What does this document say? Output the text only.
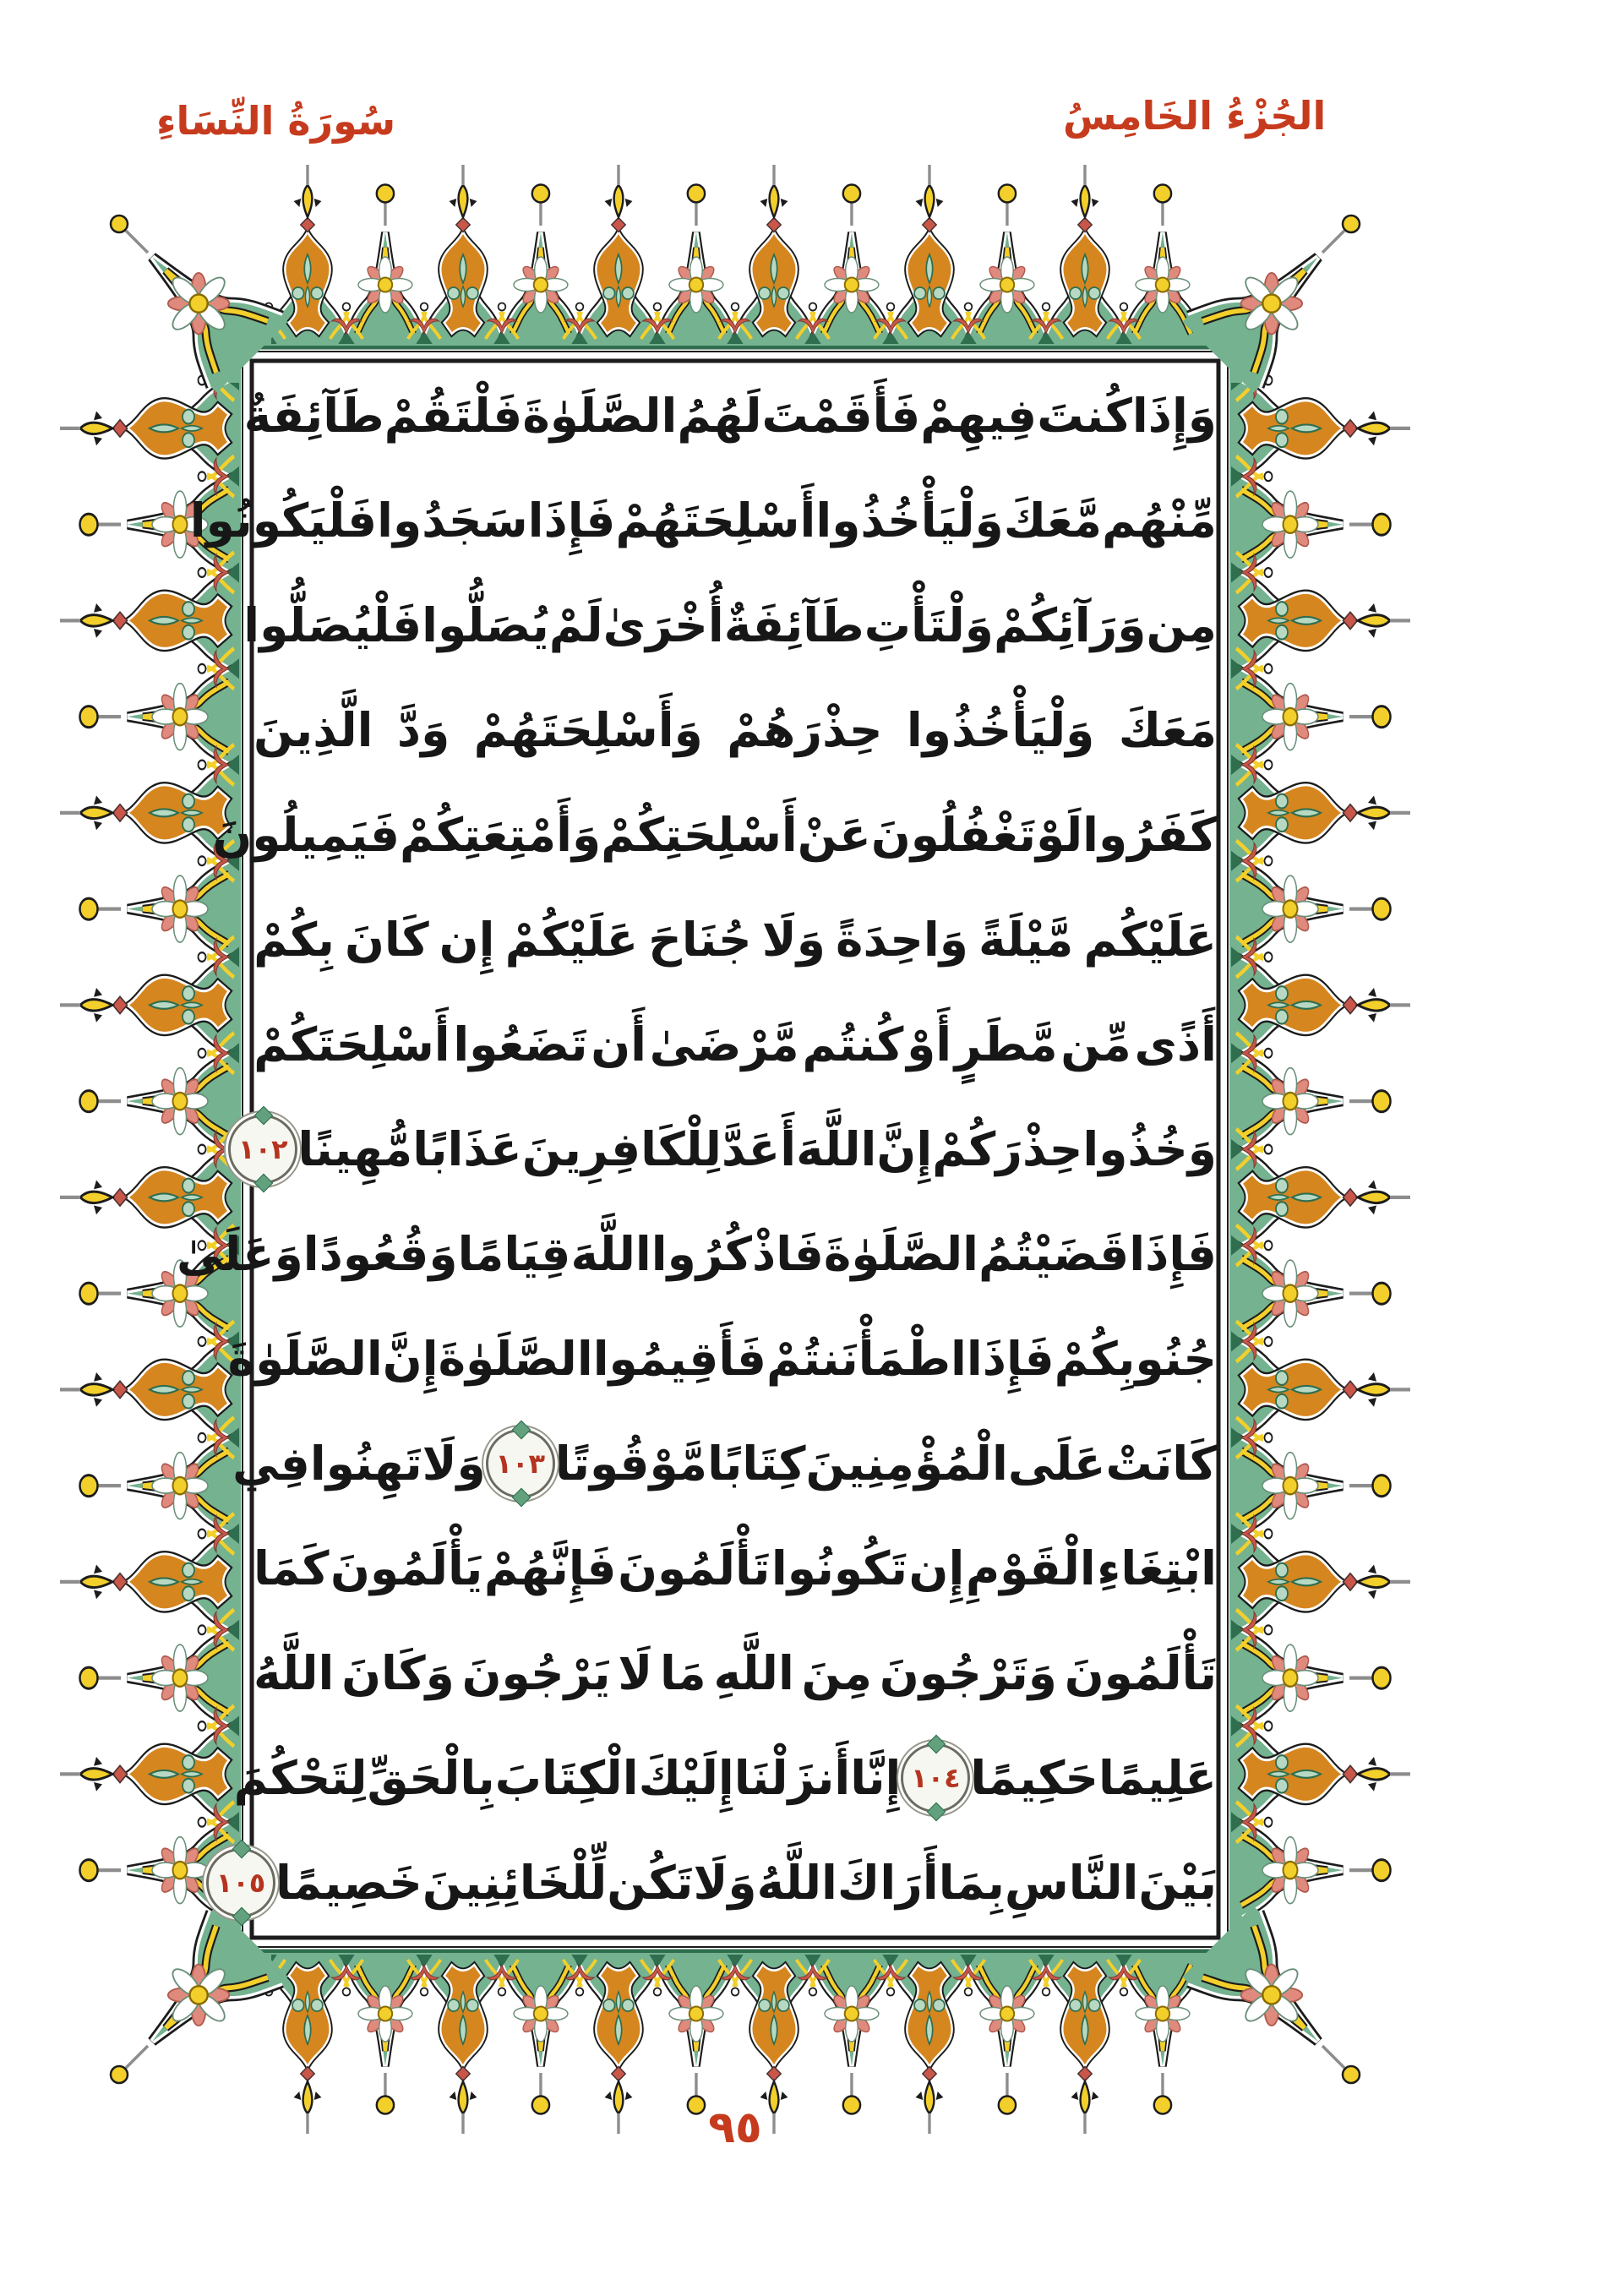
الجُزْءُ الخَامِسُ
سُورَةُ النِّسَاءِ
وَإِذَا
كُنتَ
فِيهِمْ
فَأَقَمْتَ
لَهُمُ
الصَّلَوٰةَ
فَلْتَقُمْ
طَآئِفَةٌ
مِّنْهُم
مَّعَكَ
وَلْيَأْخُذُوا
أَسْلِحَتَهُمْ
فَإِذَا
سَجَدُوا
فَلْيَكُونُوا
مِن
وَرَآئِكُمْ
وَلْتَأْتِ
طَآئِفَةٌ
أُخْرَىٰ
لَمْ
يُصَلُّوا
فَلْيُصَلُّوا
مَعَكَ
وَلْيَأْخُذُوا
حِذْرَهُمْ
وَأَسْلِحَتَهُمْ
وَدَّ
الَّذِينَ
كَفَرُوا
لَوْ
تَغْفُلُونَ
عَنْ
أَسْلِحَتِكُمْ
وَأَمْتِعَتِكُمْ
فَيَمِيلُونَ
عَلَيْكُم
مَّيْلَةً
وَاحِدَةً
وَلَا
جُنَاحَ
عَلَيْكُمْ
إِن
كَانَ
بِكُمْ
أَذًى
مِّن
مَّطَرٍ
أَوْ
كُنتُم
مَّرْضَىٰ
أَن
تَضَعُوا
أَسْلِحَتَكُمْ
وَخُذُوا
حِذْرَكُمْ
إِنَّ
اللَّهَ
أَعَدَّ
لِلْكَافِرِينَ
عَذَابًا
مُّهِينًا
١٠٢
فَإِذَا
قَضَيْتُمُ
الصَّلَوٰةَ
فَاذْكُرُوا
اللَّهَ
قِيَامًا
وَقُعُودًا
وَعَلَىٰ
جُنُوبِكُمْ
فَإِذَا
اطْمَأْنَنتُمْ
فَأَقِيمُوا
الصَّلَوٰةَ
إِنَّ
الصَّلَوٰةَ
كَانَتْ
عَلَى
الْمُؤْمِنِينَ
كِتَابًا
مَّوْقُوتًا
١٠٣
وَلَا
تَهِنُوا
فِي
ابْتِغَاءِ
الْقَوْمِ
إِن
تَكُونُوا
تَأْلَمُونَ
فَإِنَّهُمْ
يَأْلَمُونَ
كَمَا
تَأْلَمُونَ
وَتَرْجُونَ
مِنَ
اللَّهِ
مَا
لَا
يَرْجُونَ
وَكَانَ
اللَّهُ
عَلِيمًا
حَكِيمًا
١٠٤
إِنَّا
أَنزَلْنَا
إِلَيْكَ
الْكِتَابَ
بِالْحَقِّ
لِتَحْكُمَ
بَيْنَ
النَّاسِ
بِمَا
أَرَاكَ
اللَّهُ
وَلَا
تَكُن
لِّلْخَائِنِينَ
خَصِيمًا
١٠٥
٩٥
